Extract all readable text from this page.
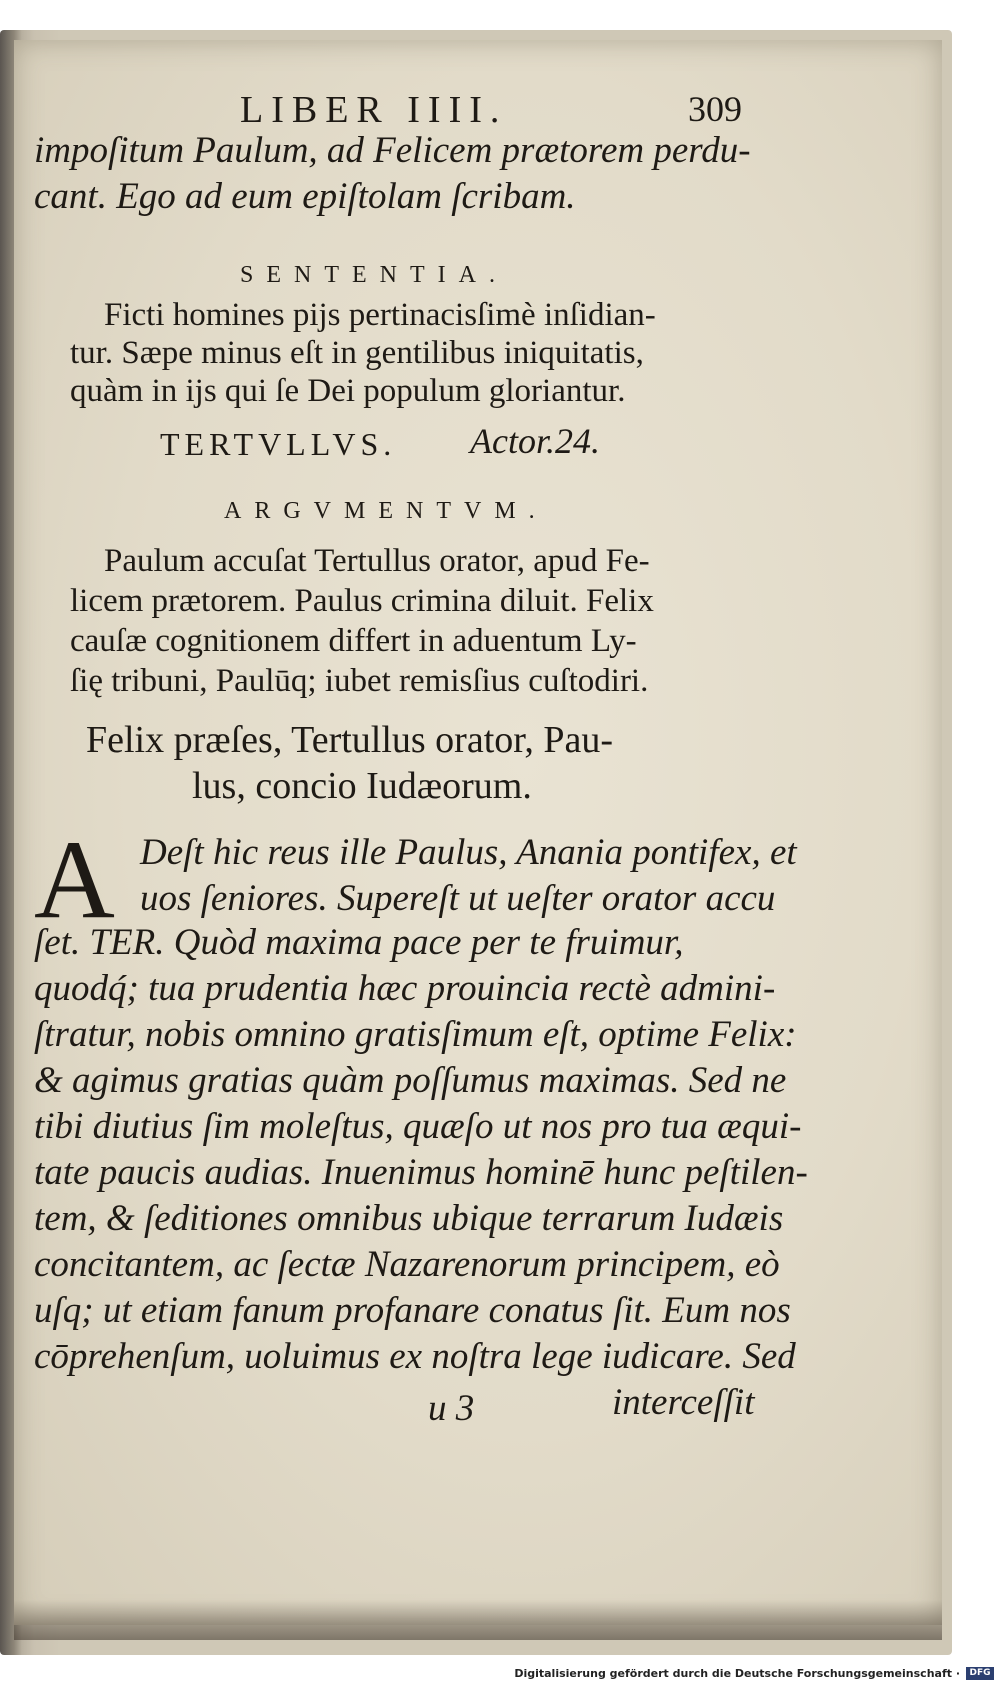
LIBER IIII.	309
impoſitum Paulum, ad Felicem prætorem perdu-
cant. Ego ad eum epiſtolam ſcribam.
SENTENTIA.
Ficti homines pijs pertinacisſimè inſidian-
tur. Sæpe minus eſt in gentilibus iniquitatis,
quàm in ijs qui ſe Dei populum gloriantur.
TERTVLLVS. Actor.24.
ARGVMENTVM.
Paulum accuſat Tertullus orator, apud Fe-
licem prætorem. Paulus crimina diluit. Felix
cauſæ cognitionem differt in aduentum Ly-
ſię tribuni, Paulūq; iubet remisſius cuſtodiri.
Felix præſes, Tertullus orator, Pau-
lus, concio Iudæorum.
A Deſt hic reus ille Paulus, Anania pontifex, et
uos ſeniores. Supereſt ut ueſter orator accu
ſet. TER. Quòd maxima pace per te fruimur,
quodq́; tua prudentia hæc prouincia rectè admini-
ſtratur, nobis omnino gratisſimum eſt, optime Felix:
& agimus gratias quàm poſſumus maximas. Sed ne
tibi diutius ſim moleſtus, quæſo ut nos pro tua æqui-
tate paucis audias. Inuenimus hominē hunc peſtilen-
tem, & ſeditiones omnibus ubique terrarum Iudæis
concitantem, ac ſectæ Nazarenorum principem, eò
uſq; ut etiam fanum profanare conatus ſit. Eum nos
cōprehenſum, uoluimus ex noſtra lege iudicare. Sed
u 3	interceſſit
Digitalisierung gefördert durch die Deutsche Forschungsgemeinschaft ·	DFG
